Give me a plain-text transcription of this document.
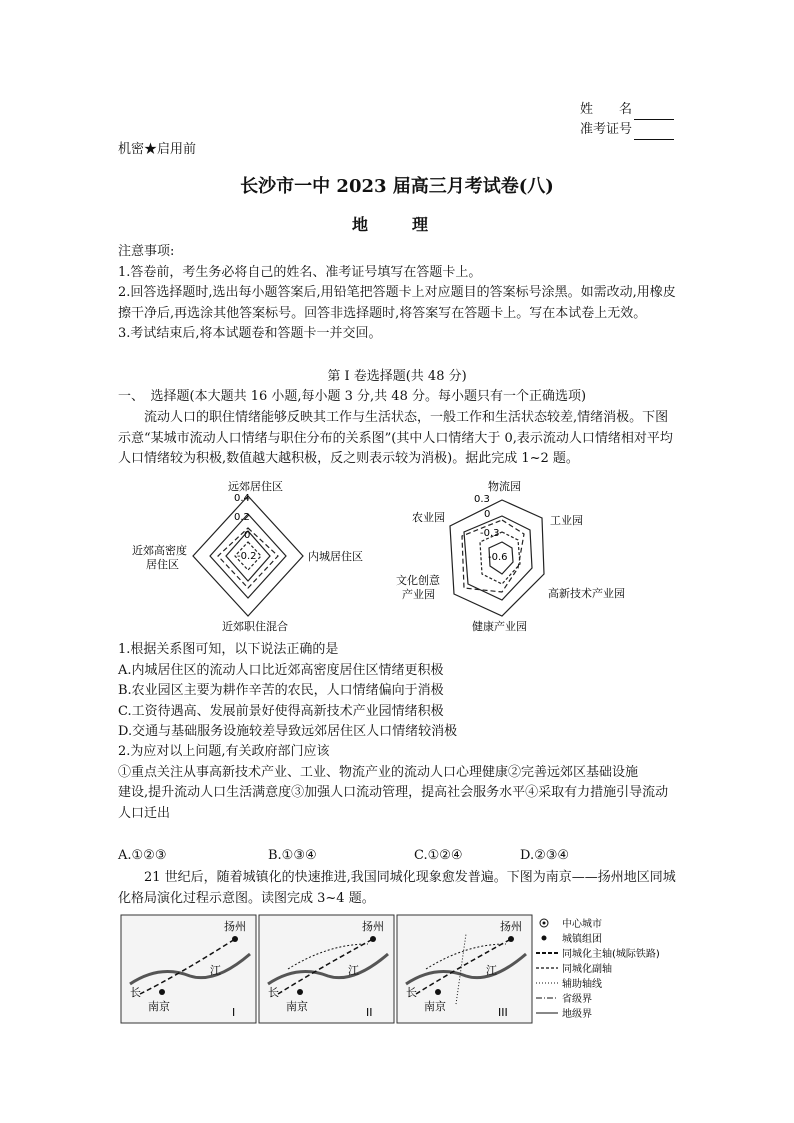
姓　　名
准考证号
机密★启用前
长沙市一中 2023 届高三月考试卷(八)
地　理
注意事项:
1.答卷前，考生务必将自己的姓名、准考证号填写在答题卡上。
2.回答选择题时,选出每小题答案后,用铅笔把答题卡上对应题目的答案标号涂黑。如需改动,用橡皮擦干净后,再选涂其他答案标号。回答非选择题时,将答案写在答题卡上。写在本试卷上无效。
3.考试结束后,将本试题卷和答题卡一并交回。
第 I 卷选择题(共 48 分)
一、　选择题(本大题共 16 小题,每小题 3 分,共 48 分。每小题只有一个正确选项)
流动人口的职住情绪能够反映其工作与生活状态，一般工作和生活状态较差,情绪消极。下图示意“某城市流动人口情绪与职住分布的关系图”(其中人口情绪大于 0,表示流动人口情绪相对平均人口情绪较为积极,数值越大越积极，反之则表示较为消极)。据此完成 1~2 题。
远郊居住区
内城居住区
近郊职住混合
近郊高密度
居住区
0.4
0.2
0
-0.2
物流园
工业园
高新技术产业园
健康产业园
文化创意
产业园
农业园
0.3
0
-0.3
-0.6
1.根据关系图可知，以下说法正确的是
A.内城居住区的流动人口比近郊高密度居住区情绪更积极
B.农业园区主要为耕作辛苦的农民，人口情绪偏向于消极
C.工资待遇高、发展前景好使得高新技术产业园情绪积极
D.交通与基础服务设施较差导致远郊居住区人口情绪较消极
2.为应对以上问题,有关政府部门应该
①重点关注从事高新技术产业、工业、物流产业的流动人口心理健康②完善远郊区基础设施
建设,提升流动人口生活满意度③加强人口流动管理，提高社会服务水平④采取有力措施引导流动人口迁出
A.①②③	B.①③④	C.①②④	D.②③④
21 世纪后，随着城镇化的快速推进,我国同城化现象愈发普遍。下图为南京——扬州地区同城化格局演化过程示意图。读图完成 3~4 题。
扬州
南京
江
长
I
扬州
南京
江
长
II
扬州
南京
江
长
III
中心城市
城镇组团
同城化主轴(城际铁路)
同城化副轴
辅助轴线
省级界
地级界
